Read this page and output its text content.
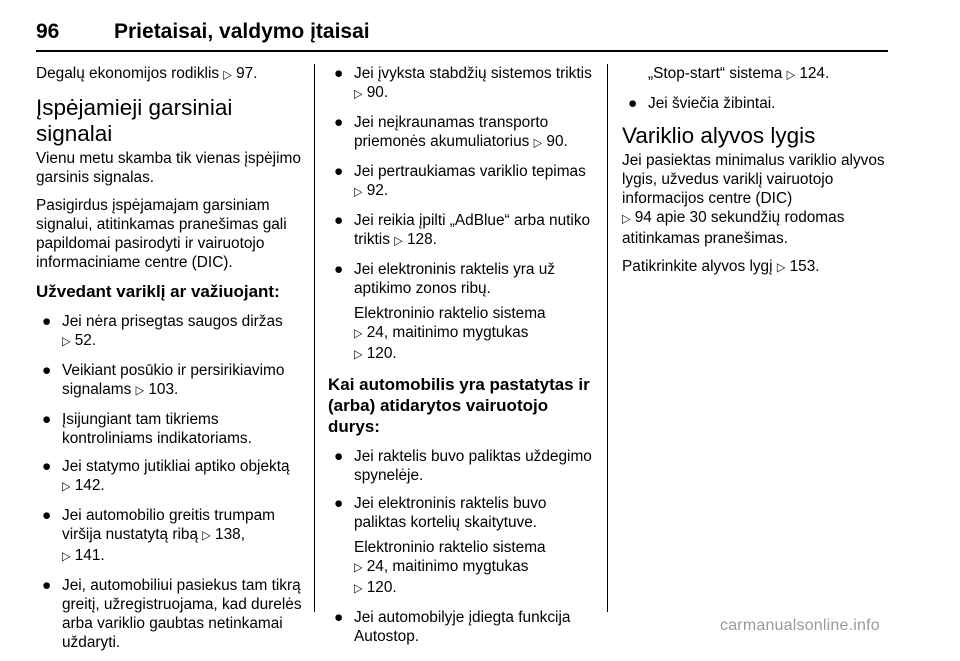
96	Prietaisai, valdymo įtaisai

Degalų ekonomijos rodiklis ▷ 97.

Įspėjamieji garsiniai signalai

Vienu metu skamba tik vienas įspėjimo garsinis signalas.

Pasigirdus įspėjamajam garsiniam signalui, atitinkamas pranešimas gali papildomai pasirodyti ir vairuotojo informaciniame centre (DIC).

Užvedant variklį ar važiuojant:
● Jei nėra prisegtas saugos diržas
▷ 52.
● Veikiant posūkio ir persirikiavimo signalams ▷ 103.
● Įsijungiant tam tikriems kontroliniams indikatoriams.
● Jei statymo jutikliai aptiko objektą
▷ 142.
● Jei automobilio greitis trumpam viršija nustatytą ribą ▷ 138,
▷ 141.
● Jei, automobiliui pasiekus tam tikrą greitį, užregistruojama, kad durelės arba variklio gaubtas netinkamai uždaryti.
● Jei įvyksta stabdžių sistemos triktis ▷ 90.
● Jei neįkraunamas transporto priemonės akumuliatorius ▷ 90.
● Jei pertraukiamas variklio tepimas ▷ 92.
● Jei reikia įpilti „AdBlue“ arba nutiko triktis ▷ 128.
● Jei elektroninis raktelis yra už aptikimo zonos ribų.

Elektroninio raktelio sistema
▷ 24, maitinimo mygtukas
▷ 120.

Kai automobilis yra pastatytas ir (arba) atidarytos vairuotojo durys:
● Jei raktelis buvo paliktas uždegimo spynelėje.
● Jei elektroninis raktelis buvo paliktas kortelių skaitytuve.

Elektroninio raktelio sistema
▷ 24, maitinimo mygtukas
▷ 120.

● Jei automobilyje įdiegta funkcija Autostop.

„Stop-start“ sistema ▷ 124.

● Jei šviečia žibintai.
Variklio alyvos lygis

Jei pasiektas minimalus variklio alyvos lygis, užvedus variklį vairuotojo informacijos centre (DIC)
▷ 94 apie 30 sekundžių rodomas atitinkamas pranešimas.

Patikrinkite alyvos lygį ▷ 153.

carmanualsonline.info
